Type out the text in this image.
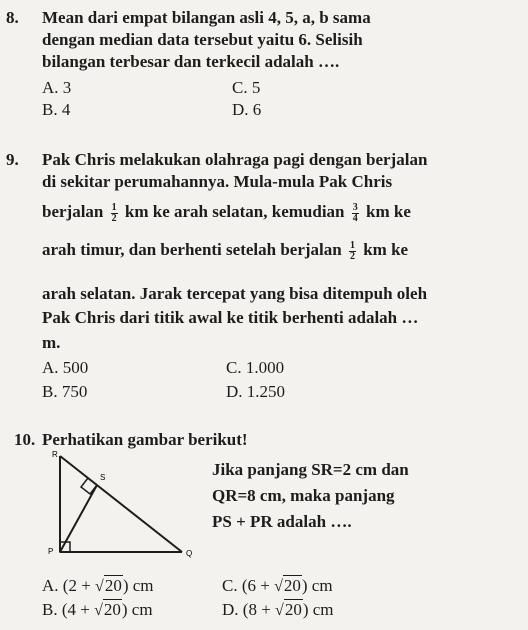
8. Mean dari empat bilangan asli 4, 5, a, b sama
dengan median data tersebut yaitu 6. Selisih
bilangan terbesar dan terkecil adalah ….
A. 3
B. 4
C. 5
D. 6
9. Pak Chris melakukan olahraga pagi dengan berjalan
di sekitar perumahannya. Mula-mula Pak Chris
berjalan $\frac{1}{2}$ km ke arah selatan, kemudian $\frac{3}{4}$ km ke
arah timur, dan berhenti setelah berjalan $\frac{1}{2}$ km ke
arah selatan. Jarak tercepat yang bisa ditempuh oleh
Pak Chris dari titik awal ke titik berhenti adalah …
m.
A. 500
B. 750
C. 1.000
D. 1.250
10. Perhatikan gambar berikut!
Jika panjang SR=2 cm dan
QR=8 cm, maka panjang
PS + PR adalah ….
R
S
P	Q
A. (2 + √20) cm
B. (4 + √20) cm
C. (6 + √20) cm
D. (8 + √20) cm
